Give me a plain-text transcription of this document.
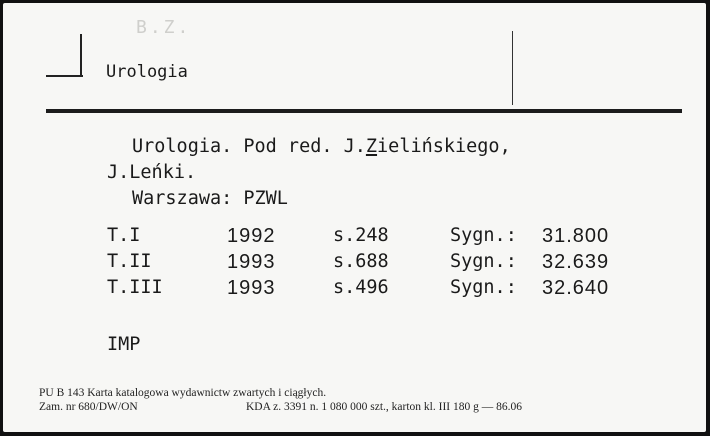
B.Z.
Urologia
Urologia. Pod red. J.Zielińskiego,
J.Leńki.
Warszawa: PZWL
T.I	1992	s.248	Sygn.: 31.800
T.II	1993	s.688	Sygn.: 32.639
T.III	1993	s.496	Sygn.: 32.640
IMP
PU B 143 Karta katalogowa wydawnictw zwartych i ciągłych.
Zam. nr 680/DW/ON	KDA z. 3391 n. 1 080 000 szt., karton kl. III 180 g — 86.06
